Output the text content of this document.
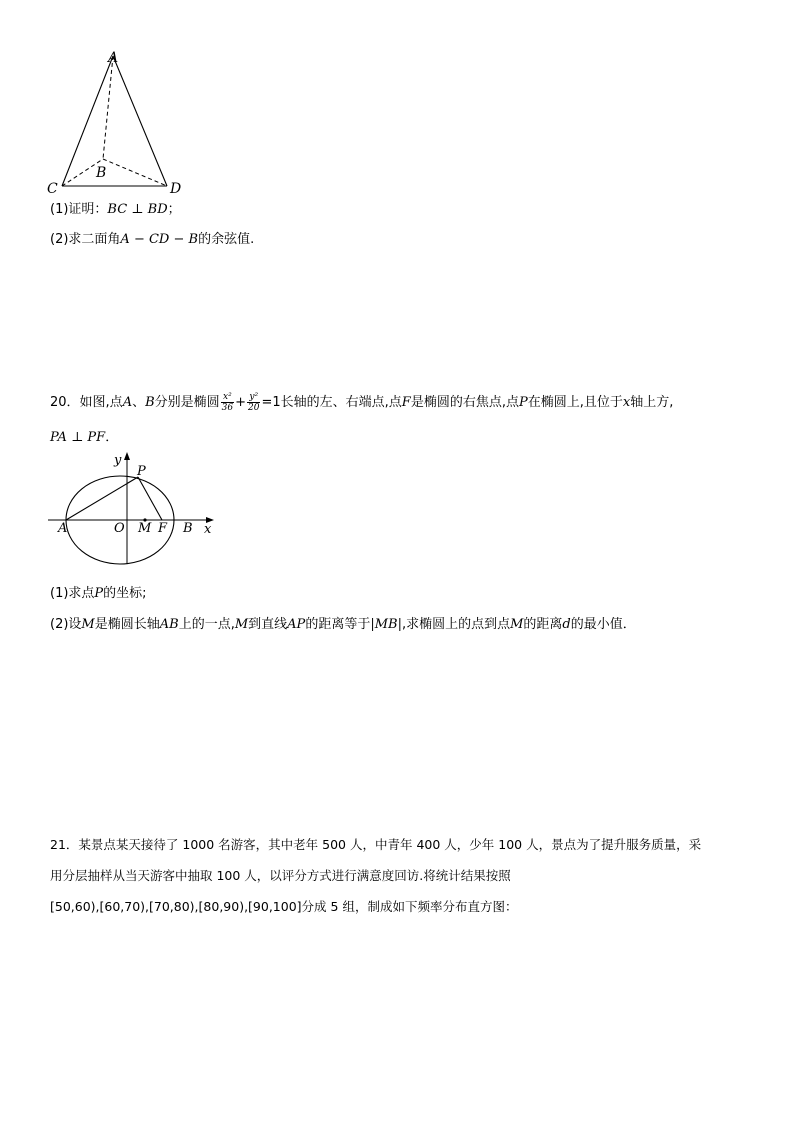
A
B
C	D
(1)证明：BC ⊥ BD；
(2)求二面角A − CD − B的余弦值.
20．如图,点A、B分别是椭圆 $\frac{\text{x²}}{36} + \frac{\text{y²}}{20} =1$长轴的左、右端点,点F是椭圆的右焦点,点P在椭圆上,且位于x轴上方,
PA ⊥ PF．
y
P
x
A	O M F B
(1)求点P的坐标;
(2)设M是椭圆长轴AB上的一点,M到直线AP的距离等于|MB|,求椭圆上的点到点M的距离d的最小值．
21．某景点某天接待了 1000 名游客，其中老年 500 人，中青年 400 人，少年 100 人，景点为了提升服务质量，采
用分层抽样从当天游客中抽取 100 人，以评分方式进行满意度回访.将统计结果按照
[50,60),[60,70),[70,80),[80,90),[90,100]分成 5 组，制成如下频率分布直方图：
